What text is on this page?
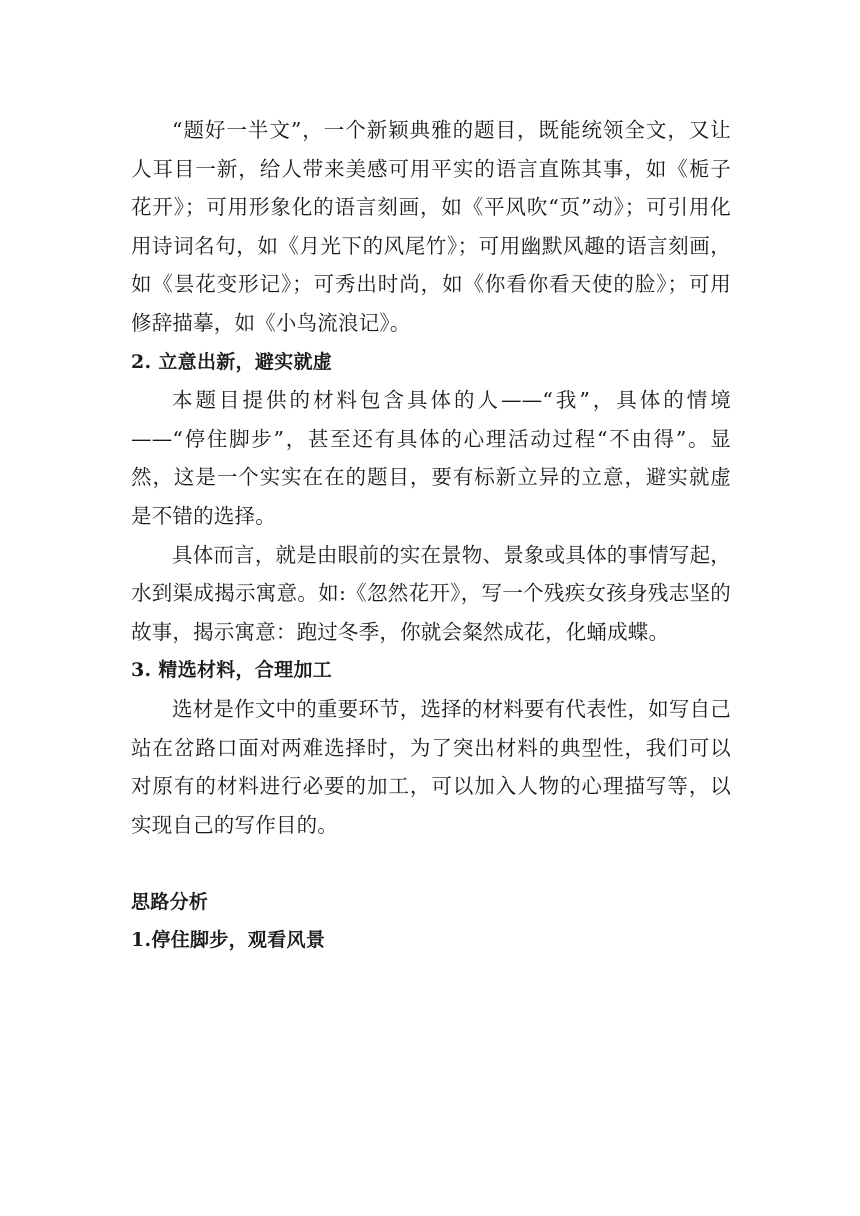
“题好一半文”，一个新颖典雅的题目，既能统领全文，又让人耳目一新，给人带来美感可用平实的语言直陈其事，如《栀子花开》；可用形象化的语言刻画，如《平风吹“页”动》；可引用化用诗词名句，如《月光下的风尾竹》；可用幽默风趣的语言刻画，如《昙花变形记》；可秀出时尚，如《你看你看天使的脸》；可用修辞描摹，如《小鸟流浪记》。

2. 立意出新，避实就虚

本题目提供的材料包含具体的人——“我”，具体的情境——“停住脚步”，甚至还有具体的心理活动过程“不由得”。显然，这是一个实实在在的题目，要有标新立异的立意，避实就虚是不错的选择。

具体而言，就是由眼前的实在景物、景象或具体的事情写起，水到渠成揭示寓意。如:《忽然花开》，写一个残疾女孩身残志坚的故事，揭示寓意：跑过冬季，你就会粲然成花，化蛹成蝶。

3. 精选材料，合理加工

选材是作文中的重要环节，选择的材料要有代表性，如写自己站在岔路口面对两难选择时，为了突出材料的典型性，我们可以对原有的材料进行必要的加工，可以加入人物的心理描写等，以实现自己的写作目的。

思路分析

1.停住脚步，观看风景
